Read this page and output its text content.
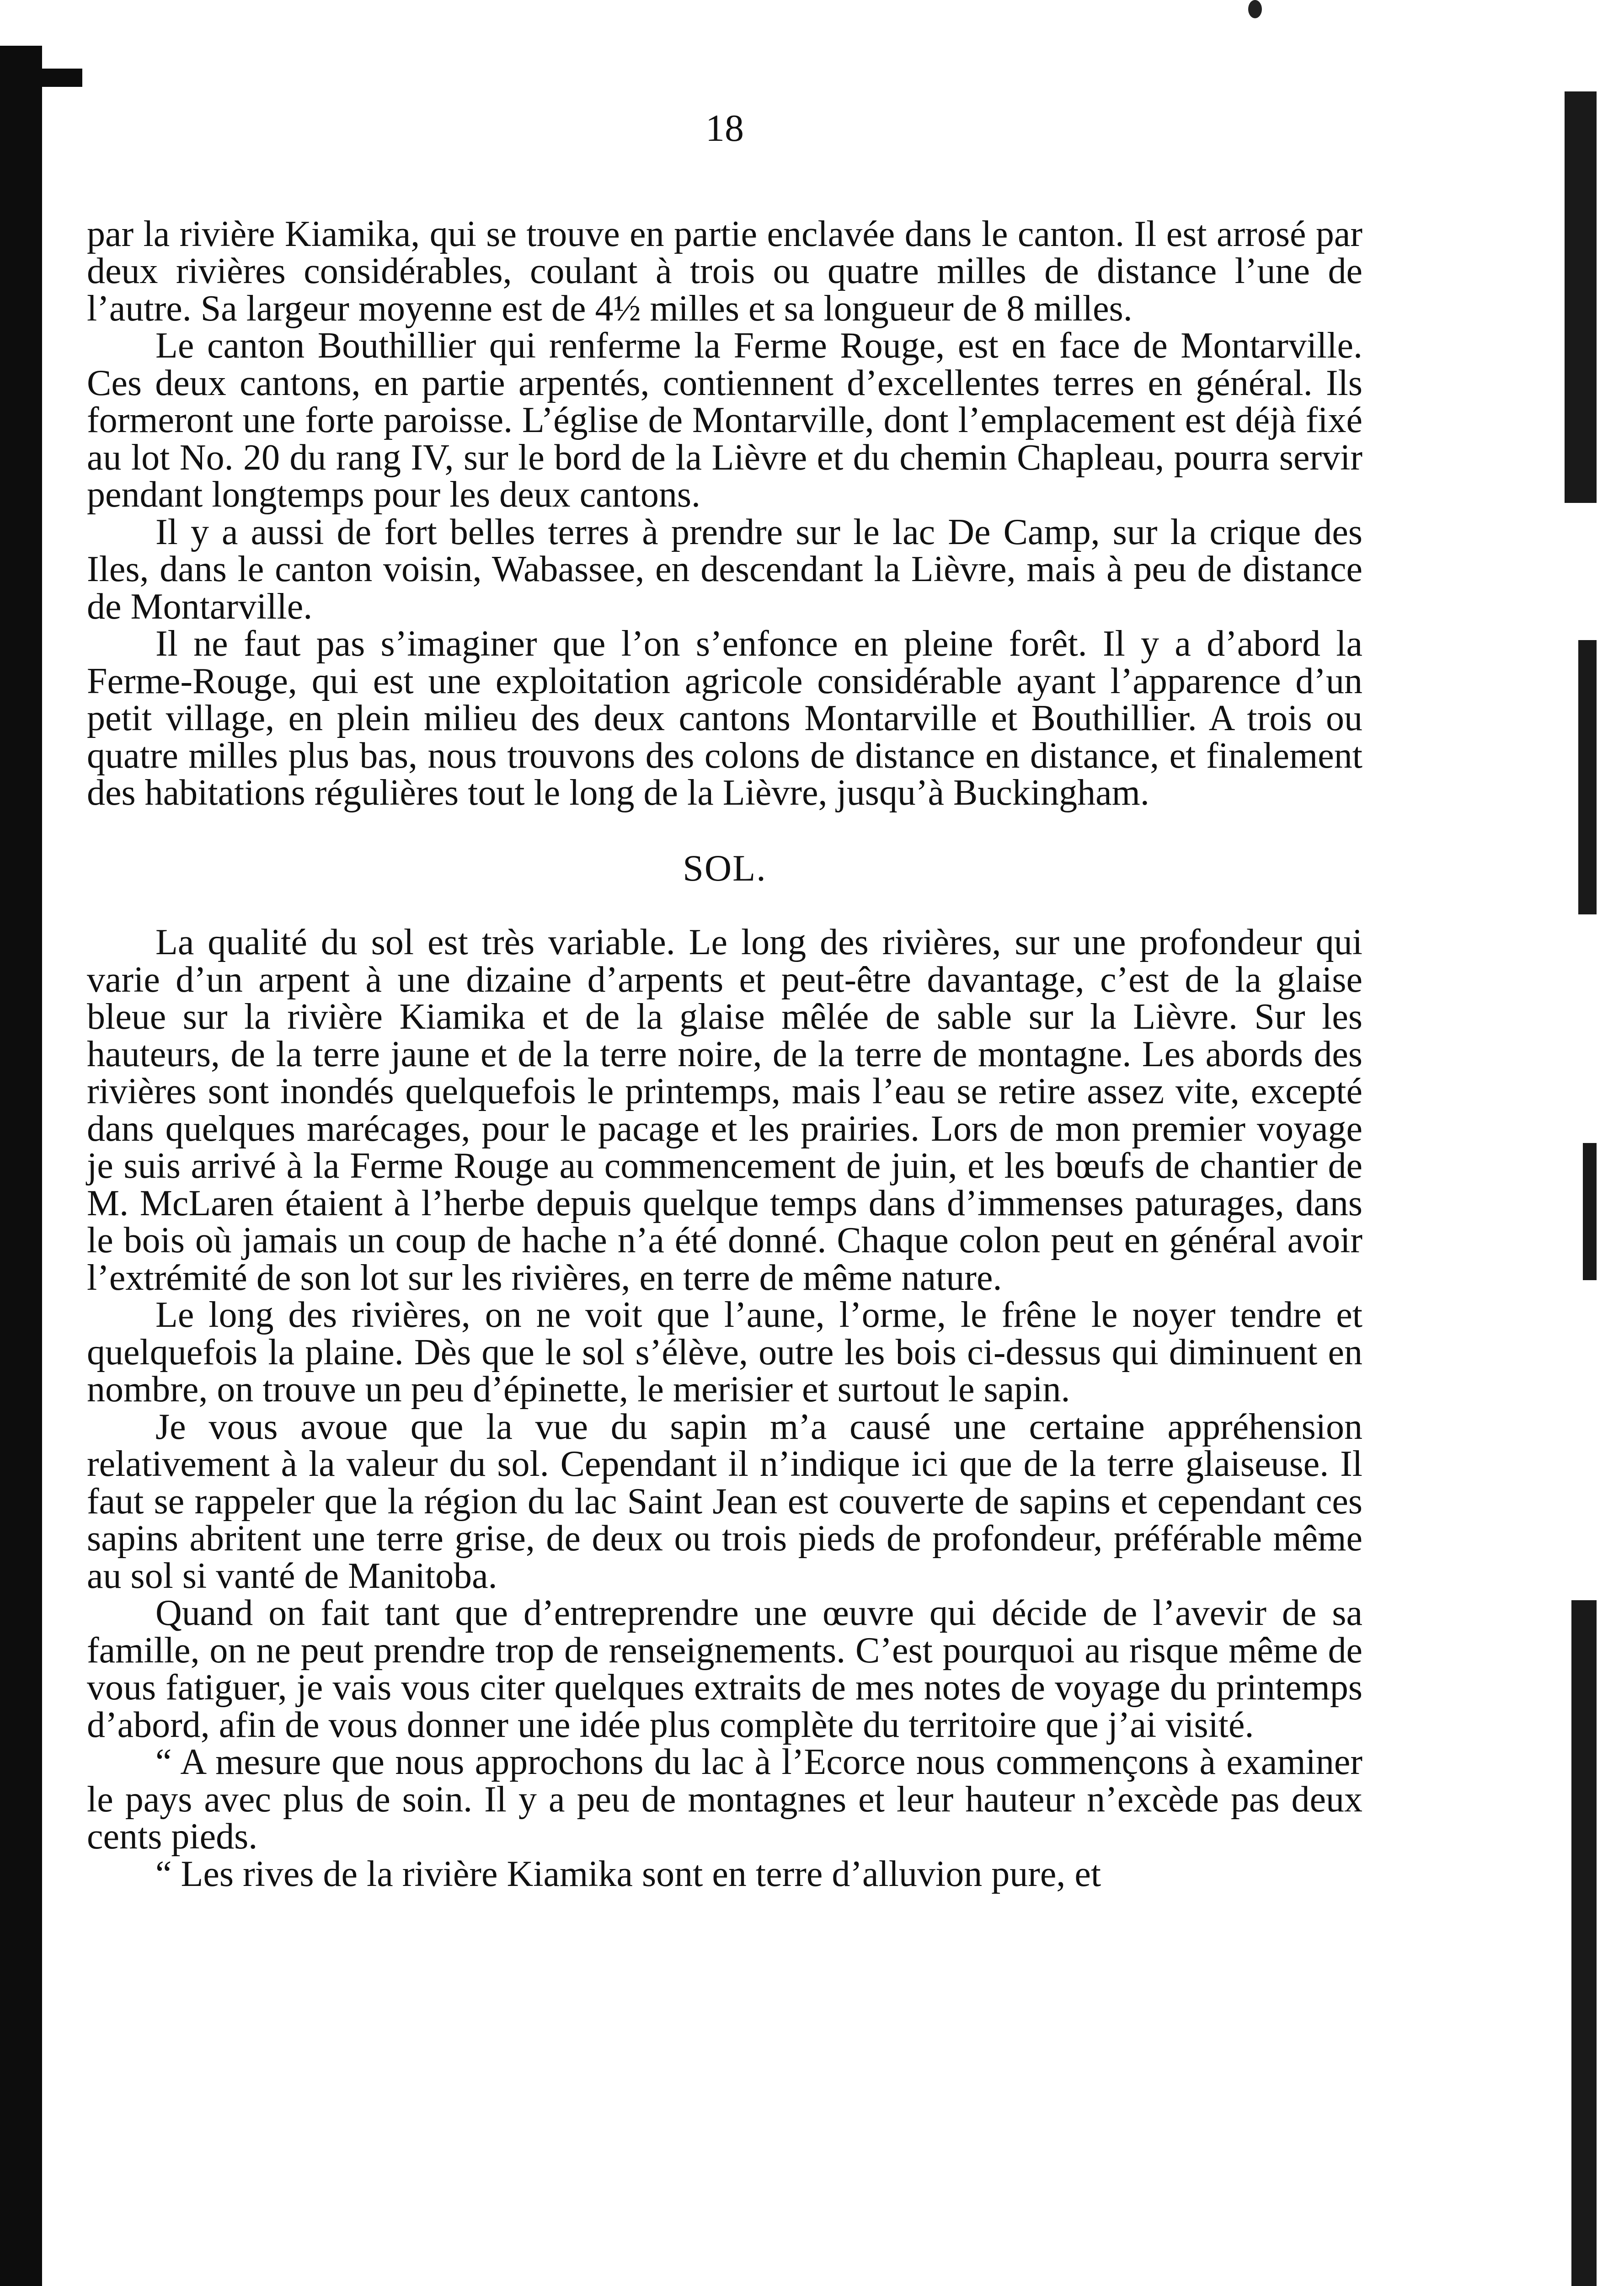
18

par la rivière Kiamika, qui se trouve en partie enclavée dans le canton. Il est arrosé par deux rivières considérables, coulant à trois ou quatre milles de distance l’une de l’autre. Sa largeur moyenne est de 4½ milles et sa longueur de 8 milles.

Le canton Bouthillier qui renferme la Ferme Rouge, est en face de Montarville. Ces deux cantons, en partie arpentés, contiennent d’excellentes terres en général. Ils formeront une forte paroisse. L’église de Montarville, dont l’emplacement est déjà fixé au lot No. 20 du rang IV, sur le bord de la Lièvre et du chemin Chapleau, pourra servir pendant longtemps pour les deux cantons.

Il y a aussi de fort belles terres à prendre sur le lac De Camp, sur la crique des Iles, dans le canton voisin, Wabassee, en descendant la Lièvre, mais à peu de distance de Montarville.

Il ne faut pas s’imaginer que l’on s’enfonce en pleine forêt. Il y a d’abord la Ferme-Rouge, qui est une exploitation agricole considérable ayant l’apparence d’un petit village, en plein milieu des deux cantons Montarville et Bouthillier. A trois ou quatre milles plus bas, nous trouvons des colons de distance en distance, et finalement des habitations régulières tout le long de la Lièvre, jusqu’à Buckingham.

SOL.

La qualité du sol est très variable. Le long des rivières, sur une profondeur qui varie d’un arpent à une dizaine d’arpents et peut-être davantage, c’est de la glaise bleue sur la rivière Kiamika et de la glaise mêlée de sable sur la Lièvre. Sur les hauteurs, de la terre jaune et de la terre noire, de la terre de montagne. Les abords des rivières sont inondés quelquefois le printemps, mais l’eau se retire assez vite, excepté dans quelques marécages, pour le pacage et les prairies. Lors de mon premier voyage je suis arrivé à la Ferme Rouge au commencement de juin, et les bœufs de chantier de M. McLaren étaient à l’herbe depuis quelque temps dans d’immenses paturages, dans le bois où jamais un coup de hache n’a été donné. Chaque colon peut en général avoir l’extrémité de son lot sur les rivières, en terre de même nature.

Le long des rivières, on ne voit que l’aune, l’orme, le frêne le noyer tendre et quelquefois la plaine. Dès que le sol s’élève, outre les bois ci-dessus qui diminuent en nombre, on trouve un peu d’épinette, le merisier et surtout le sapin.

Je vous avoue que la vue du sapin m’a causé une certaine appréhension relativement à la valeur du sol. Cependant il n’indique ici que de la terre glaiseuse. Il faut se rappeler que la région du lac Saint Jean est couverte de sapins et cependant ces sapins abritent une terre grise, de deux ou trois pieds de profondeur, préférable même au sol si vanté de Manitoba.

Quand on fait tant que d’entreprendre une œuvre qui décide de l’avevir de sa famille, on ne peut prendre trop de renseignements. C’est pourquoi au risque même de vous fatiguer, je vais vous citer quelques extraits de mes notes de voyage du printemps d’abord, afin de vous donner une idée plus complète du territoire que j’ai visité.

“ A mesure que nous approchons du lac à l’Ecorce nous commençons à examiner le pays avec plus de soin. Il y a peu de montagnes et leur hauteur n’excède pas deux cents pieds.

“ Les rives de la rivière Kiamika sont en terre d’alluvion pure, et
